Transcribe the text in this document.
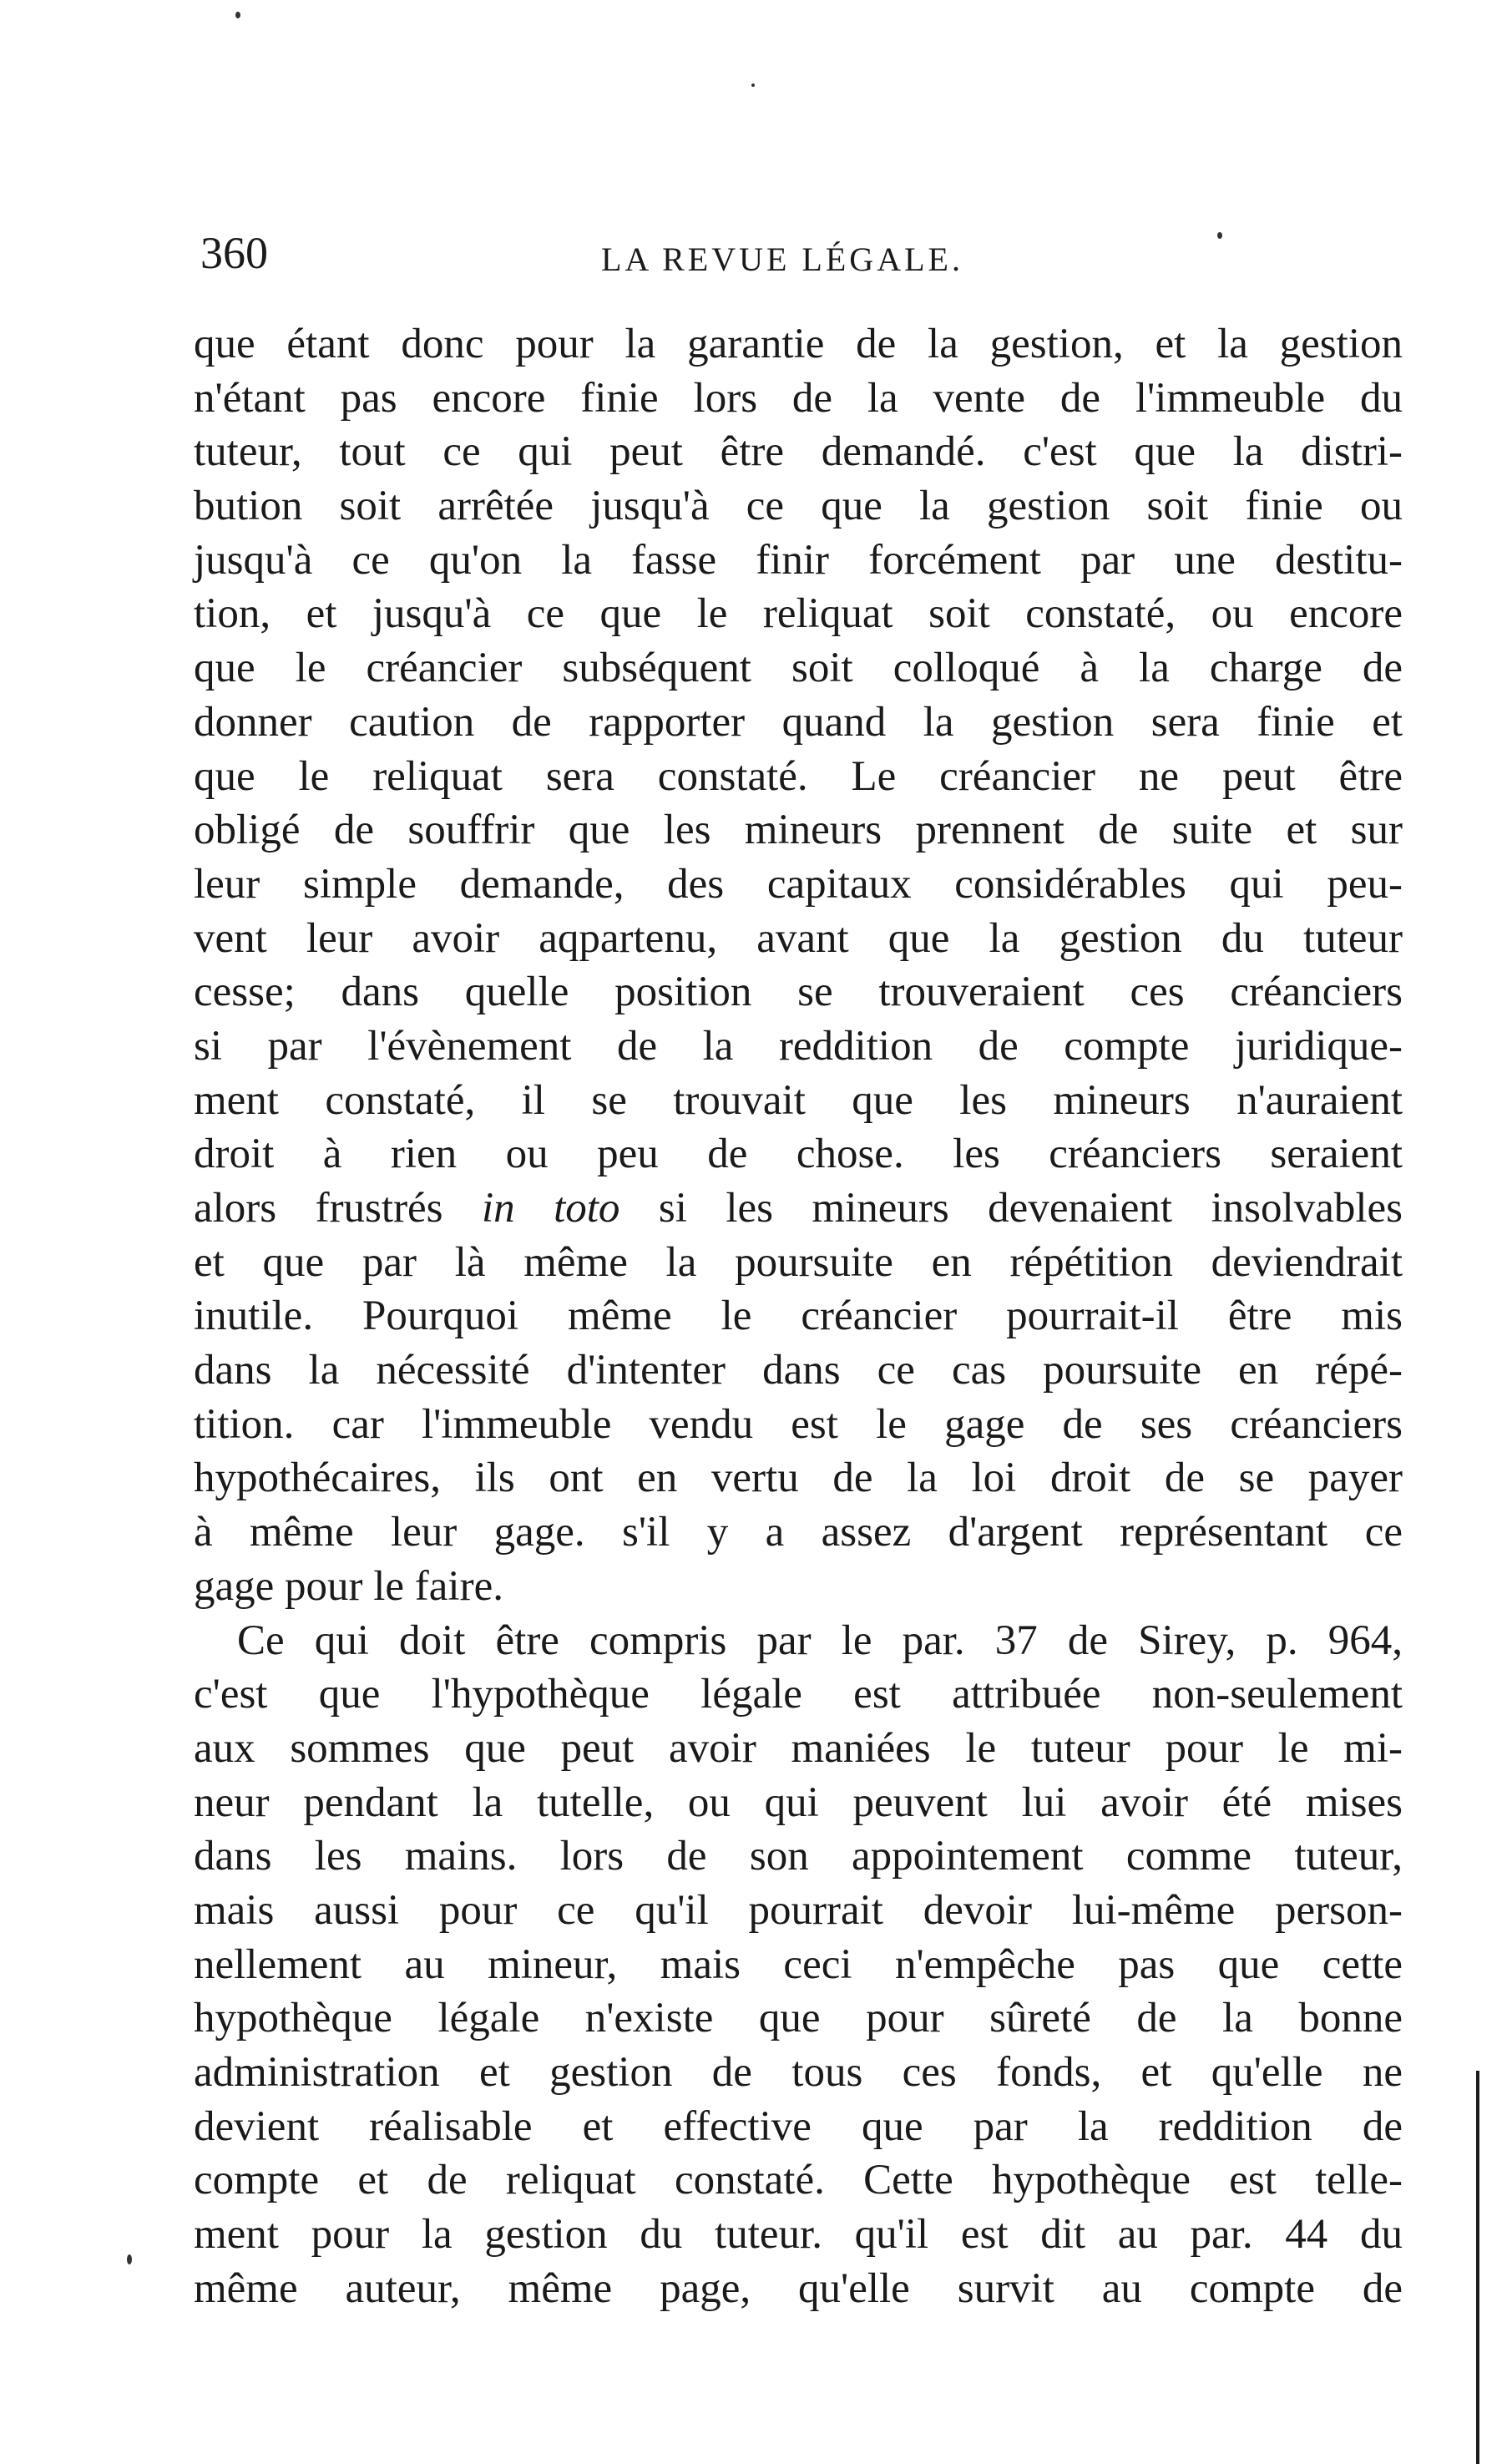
360	LA REVUE LÉGALE.
que étant donc pour la garantie de la gestion, et la gestion
n'étant pas encore finie lors de la vente de l'immeuble du
tuteur, tout ce qui peut être demandé. c'est que la distri-
bution soit arrêtée jusqu'à ce que la gestion soit finie ou
jusqu'à ce qu'on la fasse finir forcément par une destitu-
tion, et jusqu'à ce que le reliquat soit constaté, ou encore
que le créancier subséquent soit colloqué à la charge de
donner caution de rapporter quand la gestion sera finie et
que le reliquat sera constaté. Le créancier ne peut être
obligé de souffrir que les mineurs prennent de suite et sur
leur simple demande, des capitaux considérables qui peu-
vent leur avoir aqpartenu, avant que la gestion du tuteur
cesse; dans quelle position se trouveraient ces créanciers
si par l'évènement de la reddition de compte juridique-
ment constaté, il se trouvait que les mineurs n'auraient
droit à rien ou peu de chose. les créanciers seraient
alors frustrés in toto si les mineurs devenaient insolvables
et que par là même la poursuite en répétition deviendrait
inutile. Pourquoi même le créancier pourrait-il être mis
dans la nécessité d'intenter dans ce cas poursuite en répé-
tition. car l'immeuble vendu est le gage de ses créanciers
hypothécaires, ils ont en vertu de la loi droit de se payer
à même leur gage. s'il y a assez d'argent représentant ce
gage pour le faire.
Ce qui doit être compris par le par. 37 de Sirey, p. 964,
c'est que l'hypothèque légale est attribuée non-seulement
aux sommes que peut avoir maniées le tuteur pour le mi-
neur pendant la tutelle, ou qui peuvent lui avoir été mises
dans les mains. lors de son appointement comme tuteur,
mais aussi pour ce qu'il pourrait devoir lui-même person-
nellement au mineur, mais ceci n'empêche pas que cette
hypothèque légale n'existe que pour sûreté de la bonne
administration et gestion de tous ces fonds, et qu'elle ne
devient réalisable et effective que par la reddition de
compte et de reliquat constaté. Cette hypothèque est telle-
ment pour la gestion du tuteur. qu'il est dit au par. 44 du
même auteur, même page, qu'elle survit au compte de
